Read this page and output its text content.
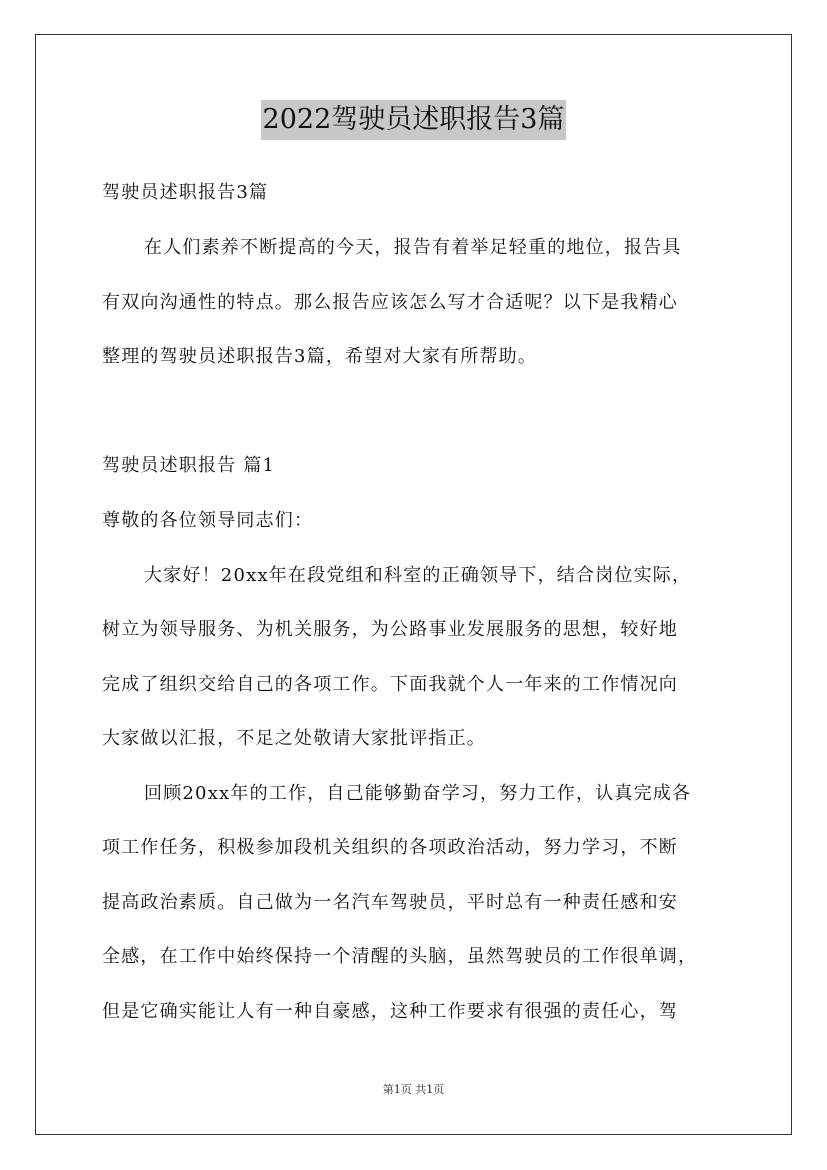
2022驾驶员述职报告3篇
驾驶员述职报告3篇
在人们素养不断提高的今天，报告有着举足轻重的地位，报告具
有双向沟通性的特点。那么报告应该怎么写才合适呢？以下是我精心
整理的驾驶员述职报告3篇，希望对大家有所帮助。
驾驶员述职报告 篇1
尊敬的各位领导同志们：
大家好！20xx年在段党组和科室的正确领导下，结合岗位实际，
树立为领导服务、为机关服务，为公路事业发展服务的思想，较好地
完成了组织交给自己的各项工作。下面我就个人一年来的工作情况向
大家做以汇报，不足之处敬请大家批评指正。
回顾20xx年的工作，自己能够勤奋学习，努力工作，认真完成各
项工作任务，积极参加段机关组织的各项政治活动，努力学习，不断
提高政治素质。自己做为一名汽车驾驶员，平时总有一种责任感和安
全感，在工作中始终保持一个清醒的头脑，虽然驾驶员的工作很单调，
但是它确实能让人有一种自豪感，这种工作要求有很强的责任心，驾
第1页 共1页
